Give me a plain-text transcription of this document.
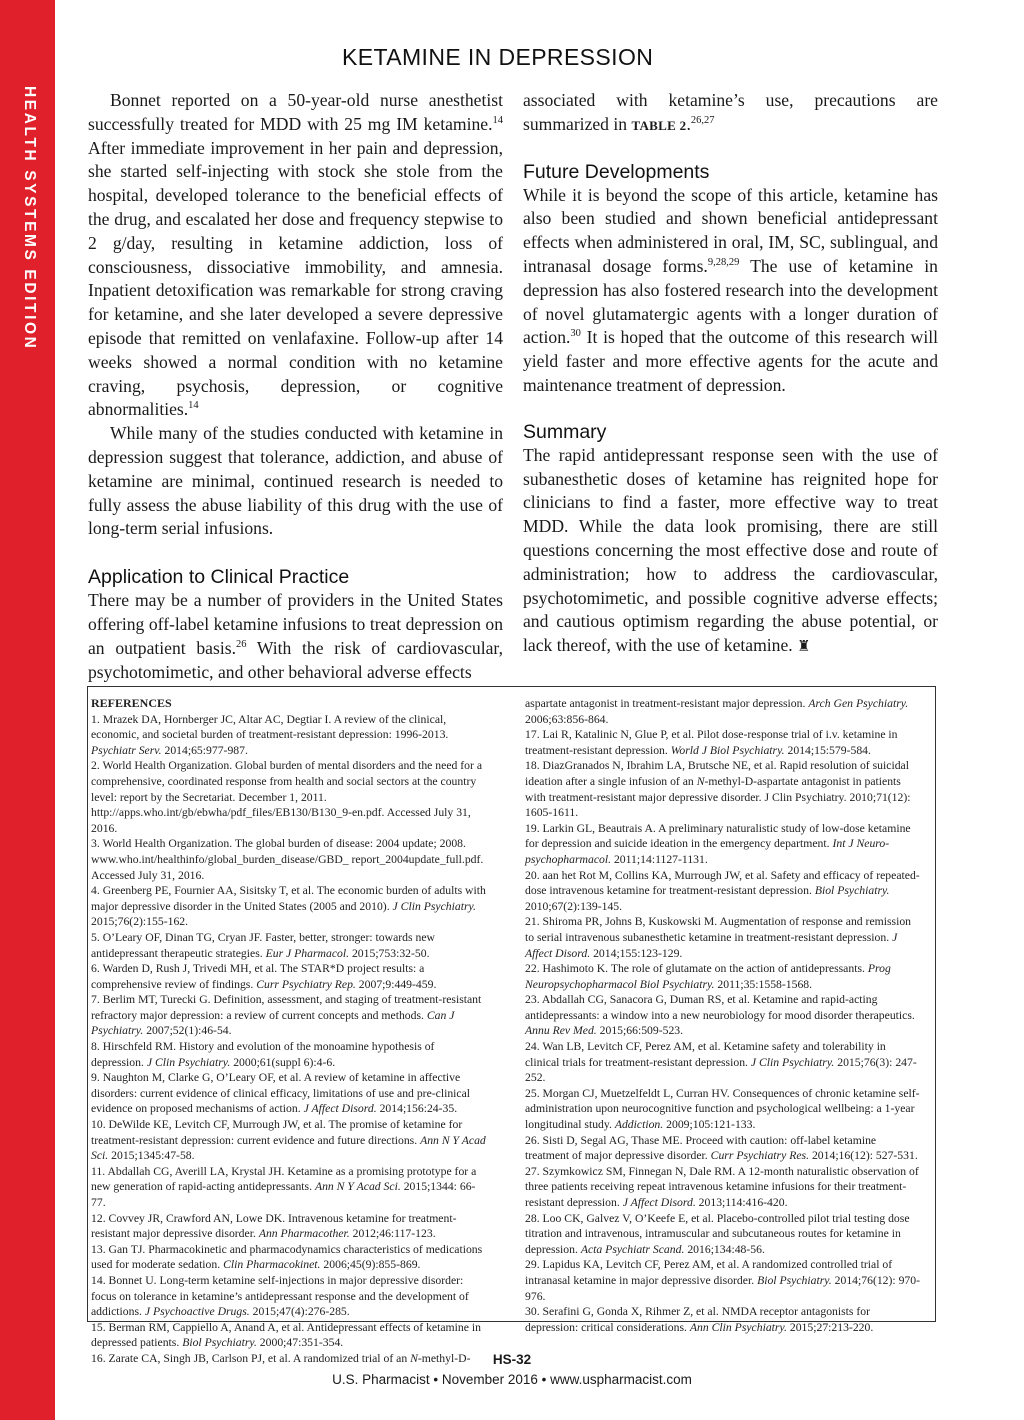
HEALTH SYSTEMS EDITION
KETAMINE IN DEPRESSION

Bonnet reported on a 50-year-old nurse anesthetist successfully treated for MDD with 25 mg IM ketamine.$^{14}$ After immediate improvement in her pain and depression, she started self-injecting with stock she stole from the hospital, developed tolerance to the beneficial effects of the drug, and escalated her dose and frequency stepwise to 2 g/day, resulting in ketamine addiction, loss of consciousness, dissociative immobility, and amnesia. Inpatient detoxification was remarkable for strong craving for ketamine, and she later developed a severe depressive episode that remitted on venlafaxine. Follow-up after 14 weeks showed a normal condition with no ketamine craving, psychosis, depression, or cognitive abnormalities.$^{14}$

While many of the studies conducted with ketamine in depression suggest that tolerance, addiction, and abuse of ketamine are minimal, continued research is needed to fully assess the abuse liability of this drug with the use of long-term serial infusions.

Application to Clinical Practice

There may be a number of providers in the United States offering off-label ketamine infusions to treat depression on an outpatient basis.$^{26}$ With the risk of cardiovascular, psychotomimetic, and other behavioral adverse effects

associated with ketamine’s use, precautions are summarized in TABLE 2.$^{26,27}$

Future Developments

While it is beyond the scope of this article, ketamine has also been studied and shown beneficial antidepressant effects when administered in oral, IM, SC, sublingual, and intranasal dosage forms.$^{9,28,29}$ The use of ketamine in depression has also fostered research into the development of novel glutamatergic agents with a longer duration of action.$^{30}$ It is hoped that the outcome of this research will yield faster and more effective agents for the acute and maintenance treatment of depression.

Summary

The rapid antidepressant response seen with the use of subanesthetic doses of ketamine has reignited hope for clinicians to find a faster, more effective way to treat MDD. While the data look promising, there are still questions concerning the most effective dose and route of administration; how to address the cardiovascular, psychotomimetic, and possible cognitive adverse effects; and cautious optimism regarding the abuse potential, or lack thereof, with the use of ketamine. ♜

REFERENCES
1. Mrazek DA, Hornberger JC, Altar AC, Degtiar I. A review of the clinical, economic, and societal burden of treatment-resistant depression: 1996-2013. Psychiatr Serv. 2014;65:977-987.
2. World Health Organization. Global burden of mental disorders and the need for a comprehensive, coordinated response from health and social sectors at the country level: report by the Secretariat. December 1, 2011. http://apps.who.int/gb/ebwha/pdf_files/EB130/B130_9-en.pdf. Accessed July 31, 2016.
3. World Health Organization. The global burden of disease: 2004 update; 2008. www.who.int/healthinfo/global_burden_disease/GBD_ report_2004update_full.pdf. Accessed July 31, 2016.
4. Greenberg PE, Fournier AA, Sisitsky T, et al. The economic burden of adults with major depressive disorder in the United States (2005 and 2010). J Clin Psychiatry. 2015;76(2):155-162.
5. O’Leary OF, Dinan TG, Cryan JF. Faster, better, stronger: towards new antidepressant therapeutic strategies. Eur J Pharmacol. 2015;753:32-50.
6. Warden D, Rush J, Trivedi MH, et al. The STAR*D project results: a comprehensive review of findings. Curr Psychiatry Rep. 2007;9:449-459.
7. Berlim MT, Turecki G. Definition, assessment, and staging of treatment-resistant refractory major depression: a review of current concepts and methods. Can J Psychiatry. 2007;52(1):46-54.
8. Hirschfeld RM. History and evolution of the monoamine hypothesis of depression. J Clin Psychiatry. 2000;61(suppl 6):4-6.
9. Naughton M, Clarke G, O’Leary OF, et al. A review of ketamine in affective disorders: current evidence of clinical efficacy, limitations of use and pre-clinical evidence on proposed mechanisms of action. J Affect Disord. 2014;156:24-35.
10. DeWilde KE, Levitch CF, Murrough JW, et al. The promise of ketamine for treatment-resistant depression: current evidence and future directions. Ann N Y Acad Sci. 2015;1345:47-58.
11. Abdallah CG, Averill LA, Krystal JH. Ketamine as a promising prototype for a new generation of rapid-acting antidepressants. Ann N Y Acad Sci. 2015;1344: 66-77.
12. Covvey JR, Crawford AN, Lowe DK. Intravenous ketamine for treatment-resistant major depressive disorder. Ann Pharmacother. 2012;46:117-123.
13. Gan TJ. Pharmacokinetic and pharmacodynamics characteristics of medications used for moderate sedation. Clin Pharmacokinet. 2006;45(9):855-869.
14. Bonnet U. Long-term ketamine self-injections in major depressive disorder: focus on tolerance in ketamine’s antidepressant response and the development of addictions. J Psychoactive Drugs. 2015;47(4):276-285.
15. Berman RM, Cappiello A, Anand A, et al. Antidepressant effects of ketamine in depressed patients. Biol Psychiatry. 2000;47:351-354.
16. Zarate CA, Singh JB, Carlson PJ, et al. A randomized trial of an N-methyl-D-
aspartate antagonist in treatment-resistant major depression. Arch Gen Psychiatry. 2006;63:856-864.
17. Lai R, Katalinic N, Glue P, et al. Pilot dose-response trial of i.v. ketamine in treatment-resistant depression. World J Biol Psychiatry. 2014;15:579-584.
18. DiazGranados N, Ibrahim LA, Brutsche NE, et al. Rapid resolution of suicidal ideation after a single infusion of an N-methyl-D-aspartate antagonist in patients with treatment-resistant major depressive disorder. J Clin Psychiatry. 2010;71(12): 1605-1611.
19. Larkin GL, Beautrais A. A preliminary naturalistic study of low-dose ketamine for depression and suicide ideation in the emergency department. Int J Neuro-psychopharmacol. 2011;14:1127-1131.
20. aan het Rot M, Collins KA, Murrough JW, et al. Safety and efficacy of repeated-dose intravenous ketamine for treatment-resistant depression. Biol Psychiatry. 2010;67(2):139-145.
21. Shiroma PR, Johns B, Kuskowski M. Augmentation of response and remission to serial intravenous subanesthetic ketamine in treatment-resistant depression. J Affect Disord. 2014;155:123-129.
22. Hashimoto K. The role of glutamate on the action of antidepressants. Prog Neuropsychopharmacol Biol Psychiatry. 2011;35:1558-1568.
23. Abdallah CG, Sanacora G, Duman RS, et al. Ketamine and rapid-acting antidepressants: a window into a new neurobiology for mood disorder therapeutics. Annu Rev Med. 2015;66:509-523.
24. Wan LB, Levitch CF, Perez AM, et al. Ketamine safety and tolerability in clinical trials for treatment-resistant depression. J Clin Psychiatry. 2015;76(3): 247-252.
25. Morgan CJ, Muetzelfeldt L, Curran HV. Consequences of chronic ketamine self-administration upon neurocognitive function and psychological wellbeing: a 1-year longitudinal study. Addiction. 2009;105:121-133.
26. Sisti D, Segal AG, Thase ME. Proceed with caution: off-label ketamine treatment of major depressive disorder. Curr Psychiatry Res. 2014;16(12): 527-531.
27. Szymkowicz SM, Finnegan N, Dale RM. A 12-month naturalistic observation of three patients receiving repeat intravenous ketamine infusions for their treatment-resistant depression. J Affect Disord. 2013;114:416-420.
28. Loo CK, Galvez V, O’Keefe E, et al. Placebo-controlled pilot trial testing dose titration and intravenous, intramuscular and subcutaneous routes for ketamine in depression. Acta Psychiatr Scand. 2016;134:48-56.
29. Lapidus KA, Levitch CF, Perez AM, et al. A randomized controlled trial of intranasal ketamine in major depressive disorder. Biol Psychiatry. 2014;76(12): 970-976.
30. Serafini G, Gonda X, Rihmer Z, et al. NMDA receptor antagonists for depression: critical considerations. Ann Clin Psychiatry. 2015;27:213-220.
HS-32
U.S. Pharmacist • November 2016 • www.uspharmacist.com
